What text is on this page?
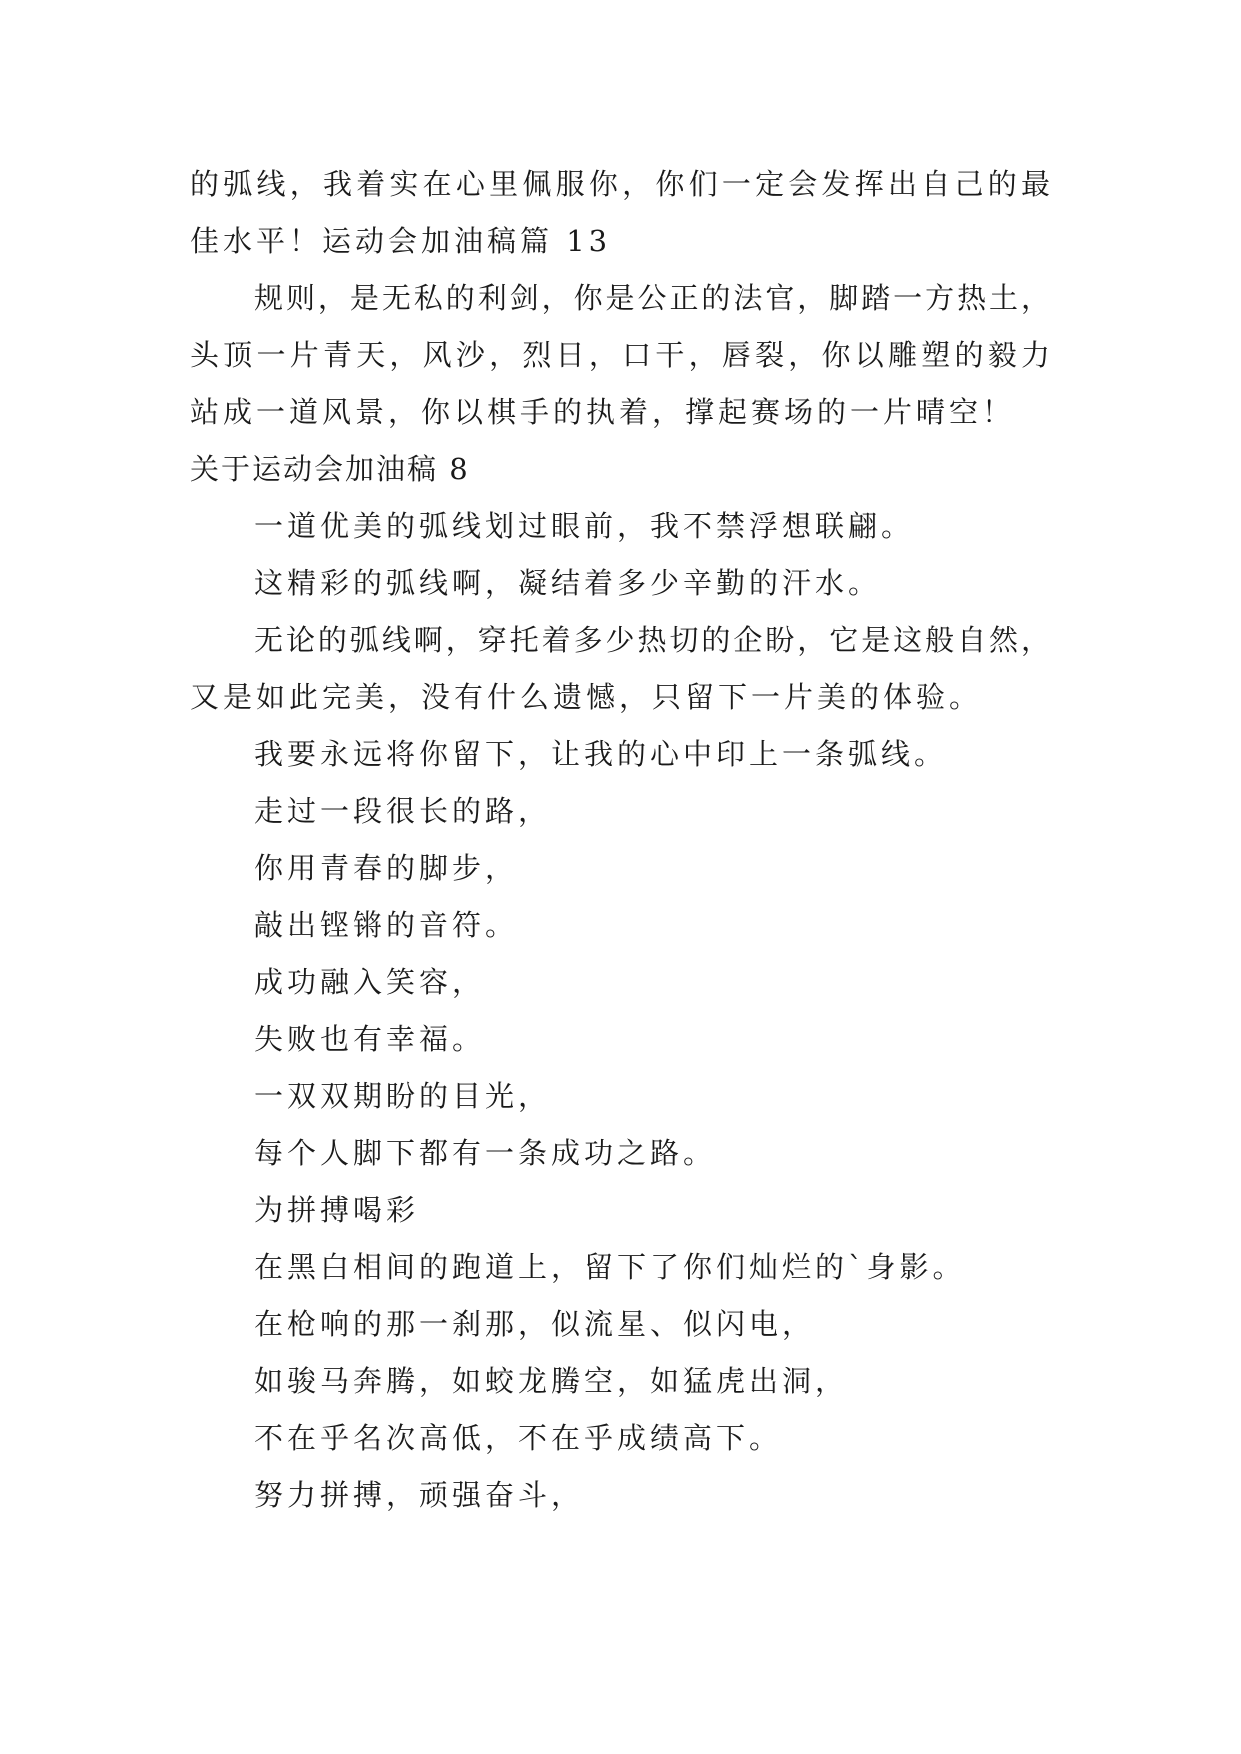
的弧线，我着实在心里佩服你，你们一定会发挥出自己的最

佳水平！运动会加油稿篇 13

规则，是无私的利剑，你是公正的法官，脚踏一方热土，

头顶一片青天，风沙，烈日，口干，唇裂，你以雕塑的毅力

站成一道风景，你以棋手的执着，撑起赛场的一片晴空！

关于运动会加油稿 8

一道优美的弧线划过眼前，我不禁浮想联翩。

这精彩的弧线啊，凝结着多少辛勤的汗水。

无论的弧线啊，穿托着多少热切的企盼，它是这般自然，

又是如此完美，没有什么遗憾，只留下一片美的体验。

我要永远将你留下，让我的心中印上一条弧线。

走过一段很长的路，

你用青春的脚步，

敲出铿锵的音符。

成功融入笑容，

失败也有幸福。

一双双期盼的目光，

每个人脚下都有一条成功之路。

为拼搏喝彩

在黑白相间的跑道上，留下了你们灿烂的`身影。

在枪响的那一刹那，似流星、似闪电，

如骏马奔腾，如蛟龙腾空，如猛虎出洞，

不在乎名次高低，不在乎成绩高下。

努力拼搏，顽强奋斗，
